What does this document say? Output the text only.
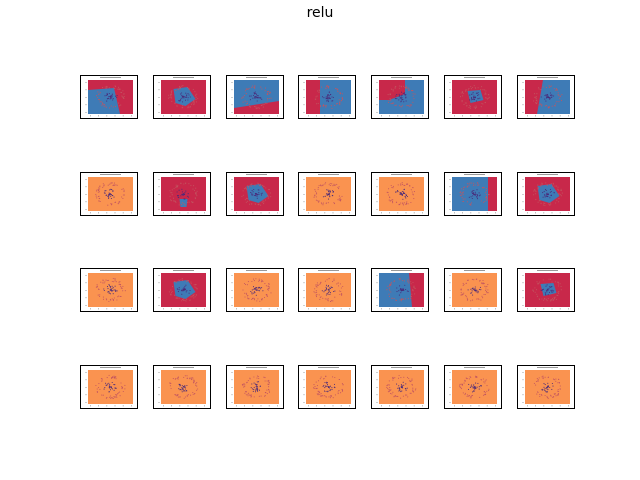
relu
